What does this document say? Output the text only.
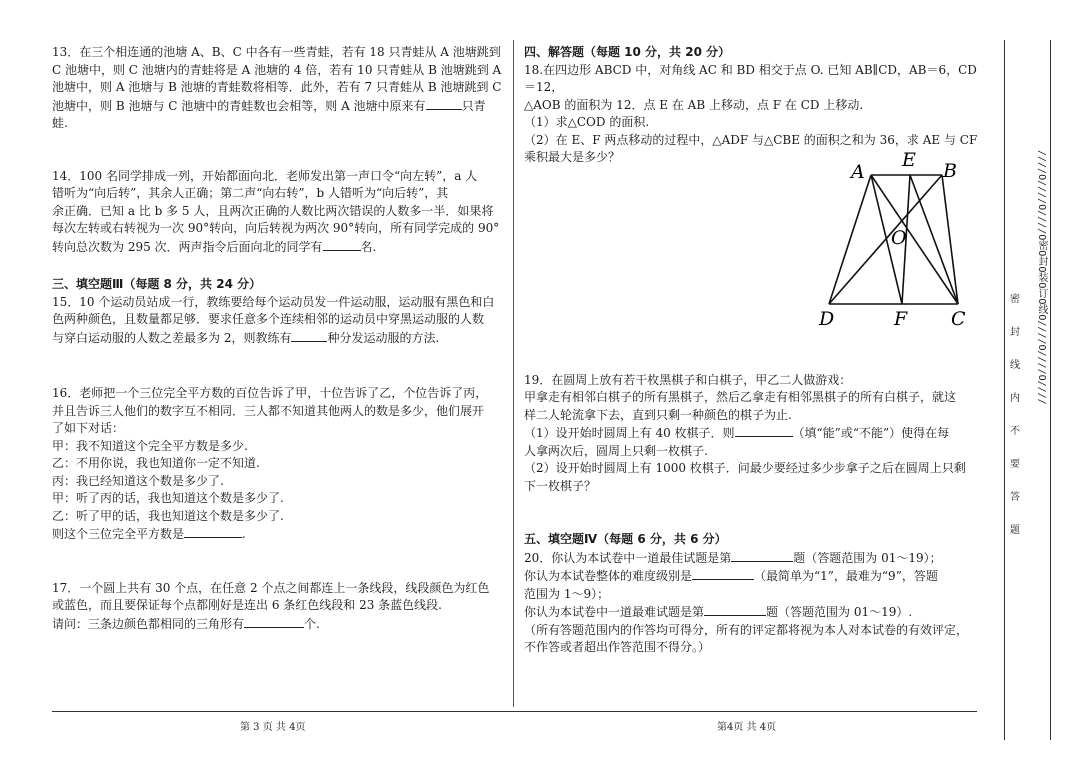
13．在三个相连通的池塘 A、B、C 中各有一些青蛙，若有 18 只青蛙从 A 池塘跳到

C 池塘中，则 C 池塘内的青蛙将是 A 池塘的 4 倍，若有 10 只青蛙从 B 池塘跳到 A

池塘中，则 A 池塘与 B 池塘的青蛙数将相等．此外，若有 7 只青蛙从 B 池塘跳到 C

池塘中，则 B 池塘与 C 池塘中的青蛙数也会相等，则 A 池塘中原来有	只青

蛙.

14．100 名同学排成一列，开始都面向北．老师发出第一声口令“向左转”，a 人

错听为“向后转”，其余人正确；第二声“向右转”，b 人错听为“向后转”，其

余正确．已知 a 比 b 多 5 人，且两次正确的人数比两次错误的人数多一半．如果将

每次左转或右转视为一次 90°转向，向后转视为两次 90°转向，所有同学完成的 90°

转向总次数为 295 次．两声指令后面向北的同学有	名.

三、填空题Ⅲ（每题 8 分，共 24 分）

15．10 个运动员站成一行，教练要给每个运动员发一件运动服，运动服有黑色和白

色两种颜色，且数量都足够．要求任意多个连续相邻的运动员中穿黑运动服的人数

与穿白运动服的人数之差最多为 2，则教练有	种分发运动服的方法.

16．老师把一个三位完全平方数的百位告诉了甲，十位告诉了乙，个位告诉了丙，

并且告诉三人他们的数字互不相同．三人都不知道其他两人的数是多少，他们展开

了如下对话：

甲：我不知道这个完全平方数是多少.

乙：不用你说，我也知道你一定不知道.

丙：我已经知道这个数是多少了.

甲：听了丙的话，我也知道这个数是多少了.

乙：听了甲的话，我也知道这个数是多少了.

则这个三位完全平方数是	.

17．一个圆上共有 30 个点，在任意 2 个点之间都连上一条线段，线段颜色为红色

或蓝色，而且要保证每个点都刚好是连出 6 条红色线段和 23 条蓝色线段.

请问：三条边颜色都相同的三角形有	个.

四、解答题（每题 10 分，共 20 分）

18.在四边形 ABCD 中，对角线 AC 和 BD 相交于点 O. 已知 AB∥CD，AB＝6，CD＝12，

△AOB 的面积为 12．点 E 在 AB 上移动，点 F 在 CD 上移动.

（1）求△COD 的面积.

（2）在 E、F 两点移动的过程中，△ADF 与△CBE 的面积之和为 36，求 AE 与 CF

乘积最大是多少？

19．在圆周上放有若干枚黑棋子和白棋子，甲乙二人做游戏：

甲拿走有相邻白棋子的所有黑棋子，然后乙拿走有相邻黑棋子的所有白棋子，就这

样二人轮流拿下去，直到只剩一种颜色的棋子为止.

（1）设开始时圆周上有 40 枚棋子．则	（填“能”或“不能”）使得在每

人拿两次后，圆周上只剩一枚棋子.

（2）设开始时圆周上有 1000 枚棋子．问最少要经过多少步拿子之后在圆周上只剩

下一枚棋子？

五、填空题Ⅳ（每题 6 分，共 6 分）

20．你认为本试卷中一道最佳试题是第	题（答题范围为 01～19）；

你认为本试卷整体的难度级别是	（最简单为“1”，最难为“9”，答题

范围为 1～9）；

你认为本试卷中一道最难试题是第	题（答题范围为 01～19）.

（所有答题范围内的作答均可得分，所有的评定都将视为本人对本试卷的有效评定，

不作答或者超出作答范围不得分。）

A
E B
O
D	F C
第 3 页 共 4页	第4页 共 4页
密
封
线
内
不
要
答
题
////O////O////O密O封O装O订O线O////O////O////
